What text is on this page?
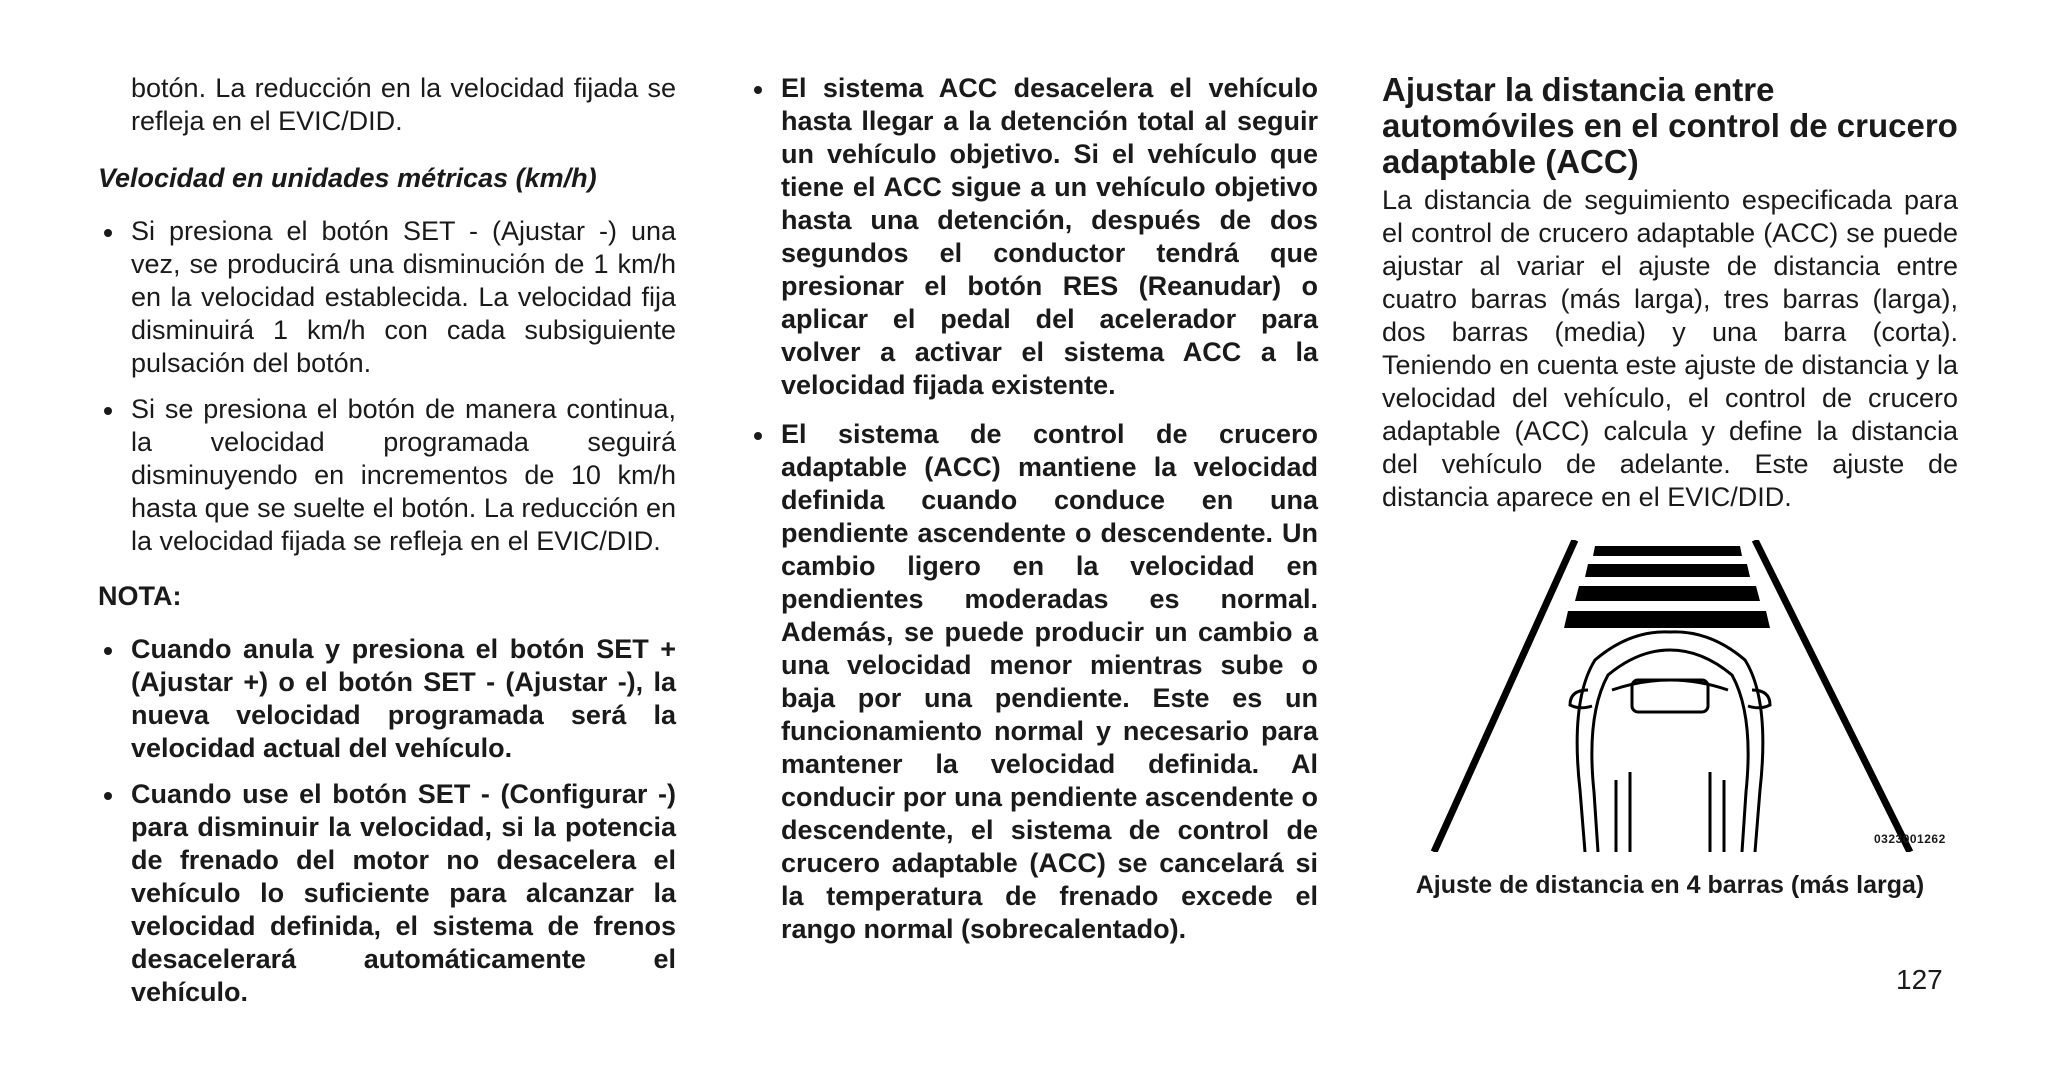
botón. La reducción en la velocidad fijada se refleja en el EVIC/DID.

Velocidad en unidades métricas (km/h)

Si presiona el botón SET - (Ajustar -) una vez, se producirá una disminución de 1 km/h en la velocidad establecida. La velocidad fija disminuirá 1 km/h con cada subsiguiente pulsación del botón.

Si se presiona el botón de manera continua, la velocidad programada seguirá disminuyendo en incrementos de 10 km/h hasta que se suelte el botón. La reducción en la velocidad fijada se refleja en el EVIC/DID.

NOTA:

Cuando anula y presiona el botón SET + (Ajustar +) o el botón SET - (Ajustar -), la nueva velocidad programada será la velocidad actual del vehículo.

Cuando use el botón SET - (Configurar -) para disminuir la velocidad, si la potencia de frenado del motor no desacelera el vehículo lo suficiente para alcanzar la velocidad definida, el sistema de frenos desacelerará automáticamente el vehículo.

El sistema ACC desacelera el vehículo hasta llegar a la detención total al seguir un vehículo objetivo. Si el vehículo que tiene el ACC sigue a un vehículo objetivo hasta una detención, después de dos segundos el conductor tendrá que presionar el botón RES (Reanudar) o aplicar el pedal del acelerador para volver a activar el sistema ACC a la velocidad fijada existente.

El sistema de control de crucero adaptable (ACC) mantiene la velocidad definida cuando conduce en una pendiente ascendente o descendente. Un cambio ligero en la velocidad en pendientes moderadas es normal. Además, se puede producir un cambio a una velocidad menor mientras sube o baja por una pendiente. Este es un funcionamiento normal y necesario para mantener la velocidad definida. Al conducir por una pendiente ascendente o descendente, el sistema de control de crucero adaptable (ACC) se cancelará si la temperatura de frenado excede el rango normal (sobrecalentado).

Ajustar la distancia entre automóviles en el control de crucero adaptable (ACC)

La distancia de seguimiento especificada para el control de crucero adaptable (ACC) se puede ajustar al variar el ajuste de distancia entre cuatro barras (más larga), tres barras (larga), dos barras (media) y una barra (corta). Teniendo en cuenta este ajuste de distancia y la velocidad del vehículo, el control de crucero adaptable (ACC) calcula y define la distancia del vehículo de adelante. Este ajuste de distancia aparece en el EVIC/DID.

0323001262
Ajuste de distancia en 4 barras (más larga)
127
